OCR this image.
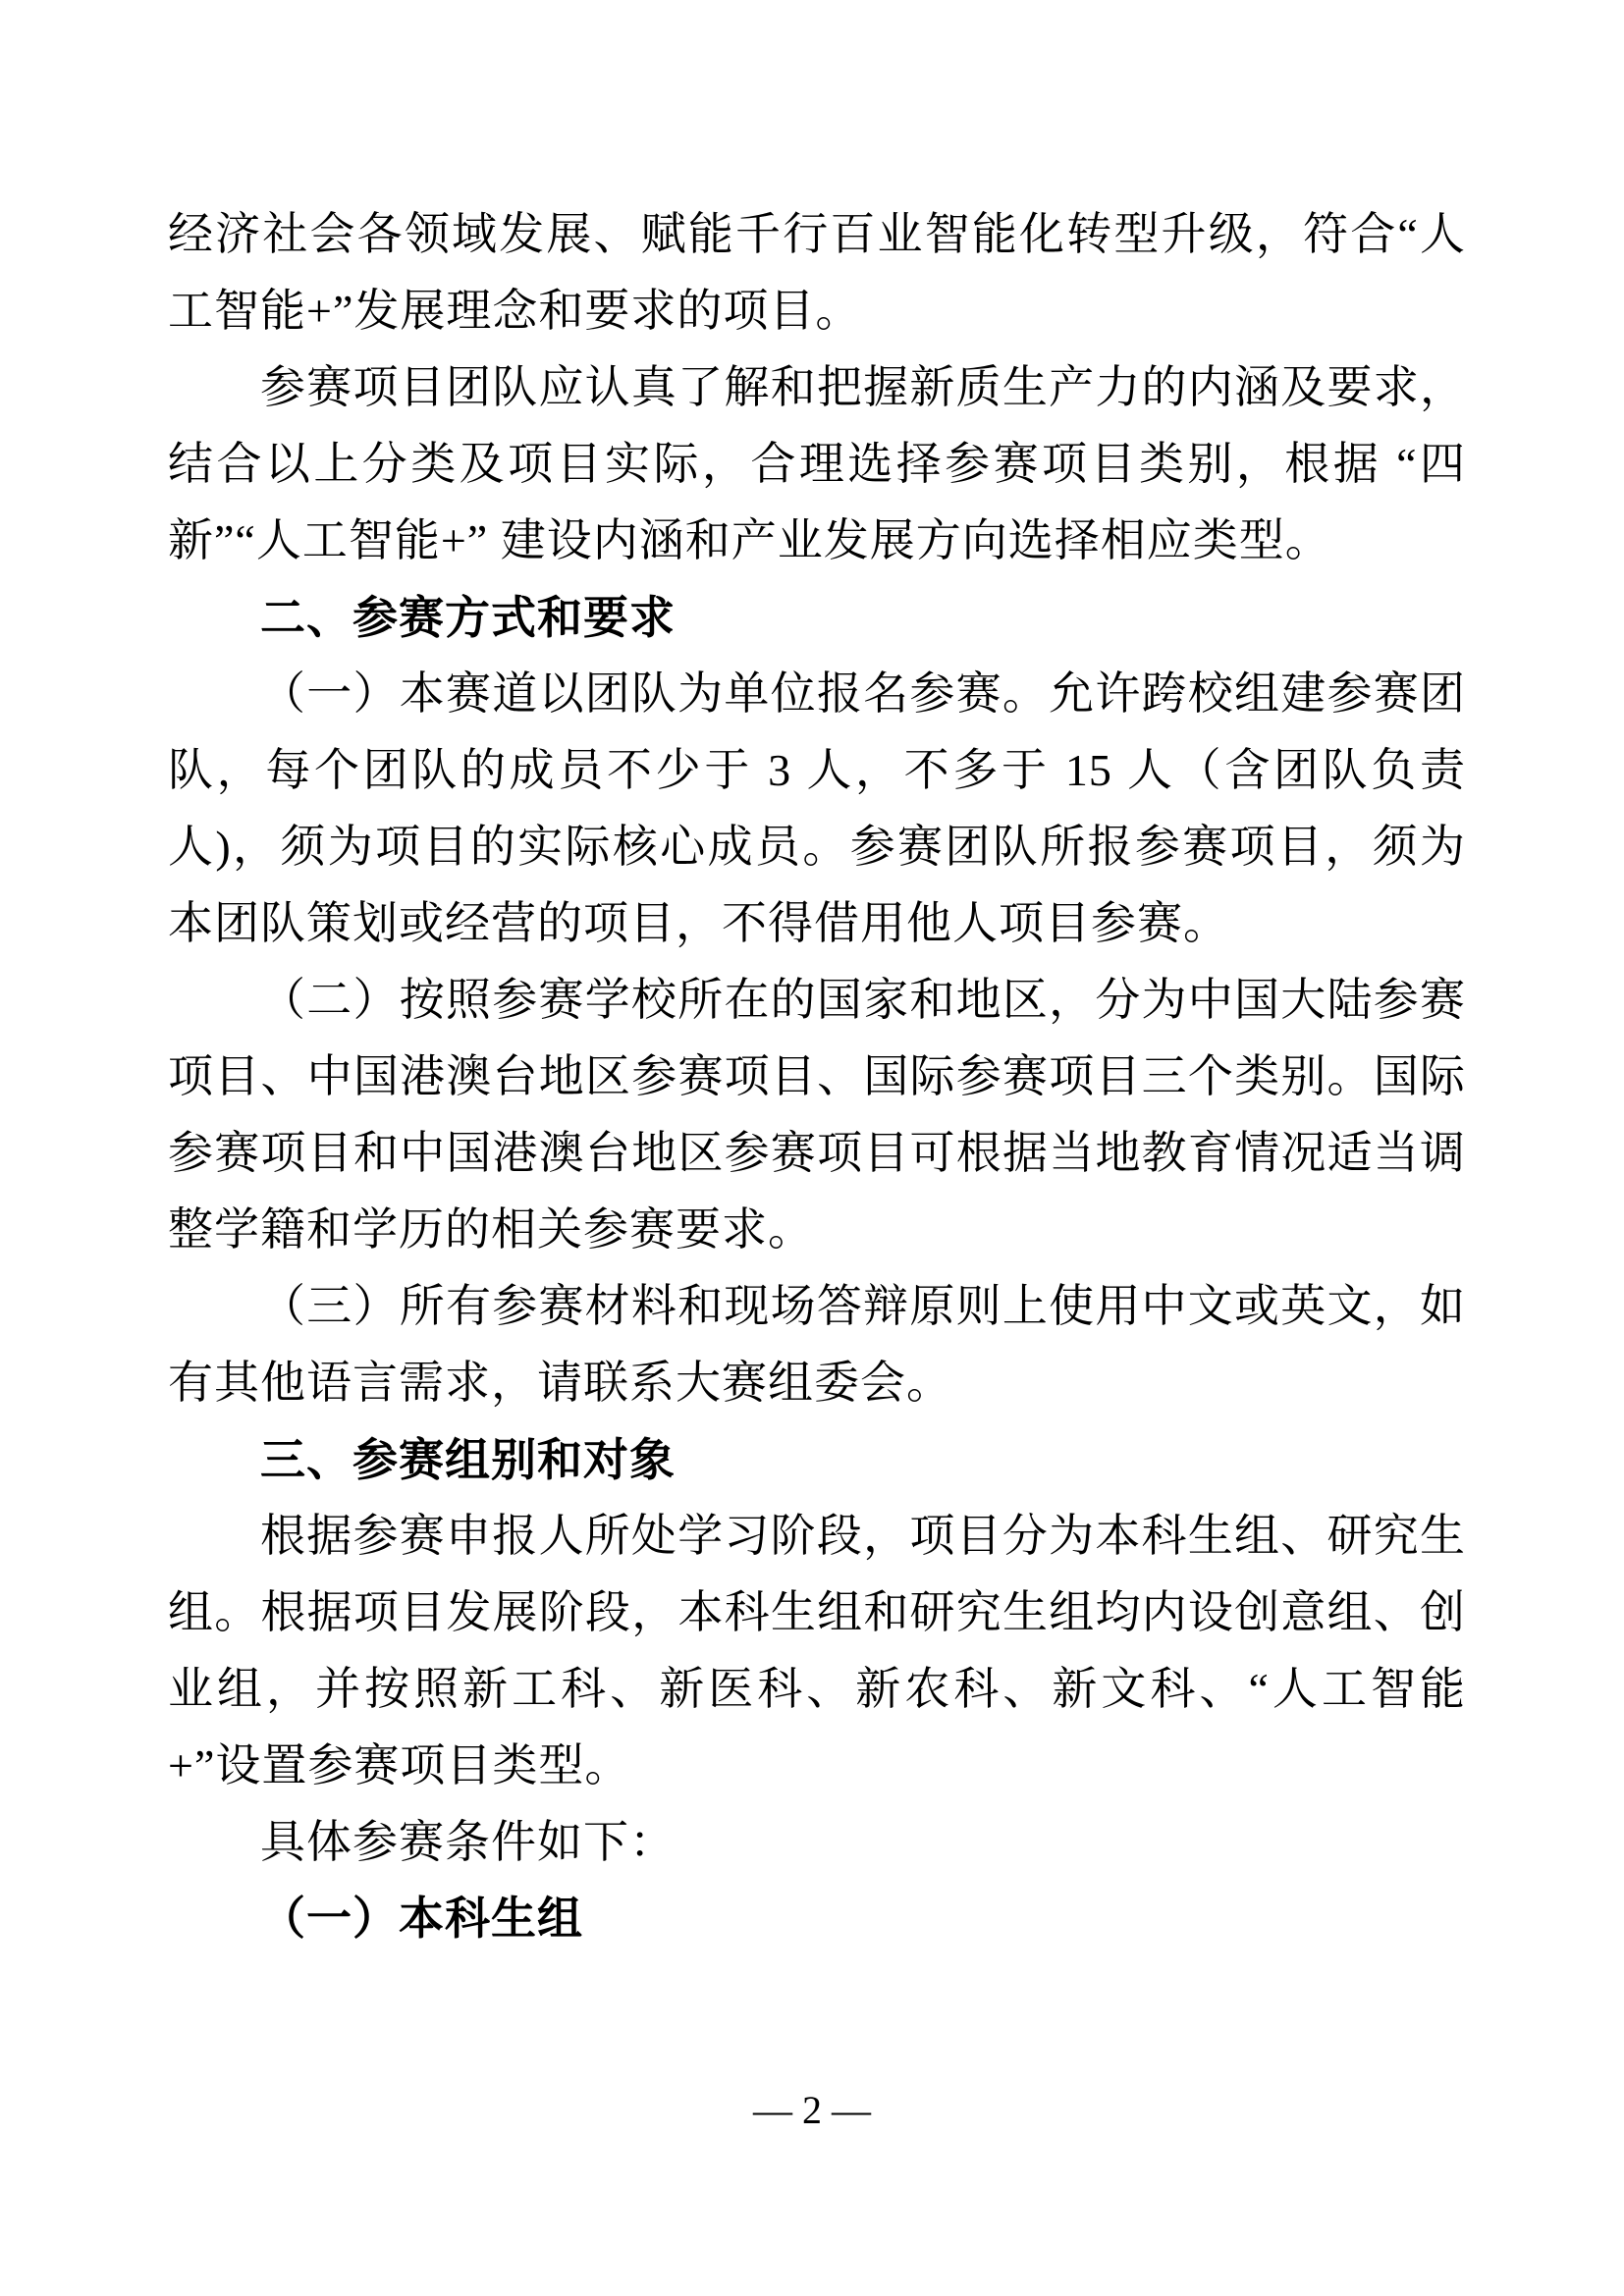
经济社会各领域发展、赋能千行百业智能化转型升级，符合“人工智能+”发展理念和要求的项目。
参赛项目团队应认真了解和把握新质生产力的内涵及要求，结合以上分类及项目实际，合理选择参赛项目类别，根据 “四新”“人工智能+” 建设内涵和产业发展方向选择相应类型。
二、参赛方式和要求
（一）本赛道以团队为单位报名参赛。允许跨校组建参赛团队，每个团队的成员不少于 3 人，不多于 15 人（含团队负责人)，须为项目的实际核心成员。参赛团队所报参赛项目，须为本团队策划或经营的项目，不得借用他人项目参赛。
（二）按照参赛学校所在的国家和地区，分为中国大陆参赛项目、中国港澳台地区参赛项目、国际参赛项目三个类别。国际参赛项目和中国港澳台地区参赛项目可根据当地教育情况适当调整学籍和学历的相关参赛要求。
（三）所有参赛材料和现场答辩原则上使用中文或英文，如有其他语言需求，请联系大赛组委会。
三、参赛组别和对象
根据参赛申报人所处学习阶段，项目分为本科生组、研究生组。根据项目发展阶段，本科生组和研究生组均内设创意组、创业组，并按照新工科、新医科、新农科、新文科、“人工智能+”设置参赛项目类型。
具体参赛条件如下：
（一）本科生组
— 2 —
